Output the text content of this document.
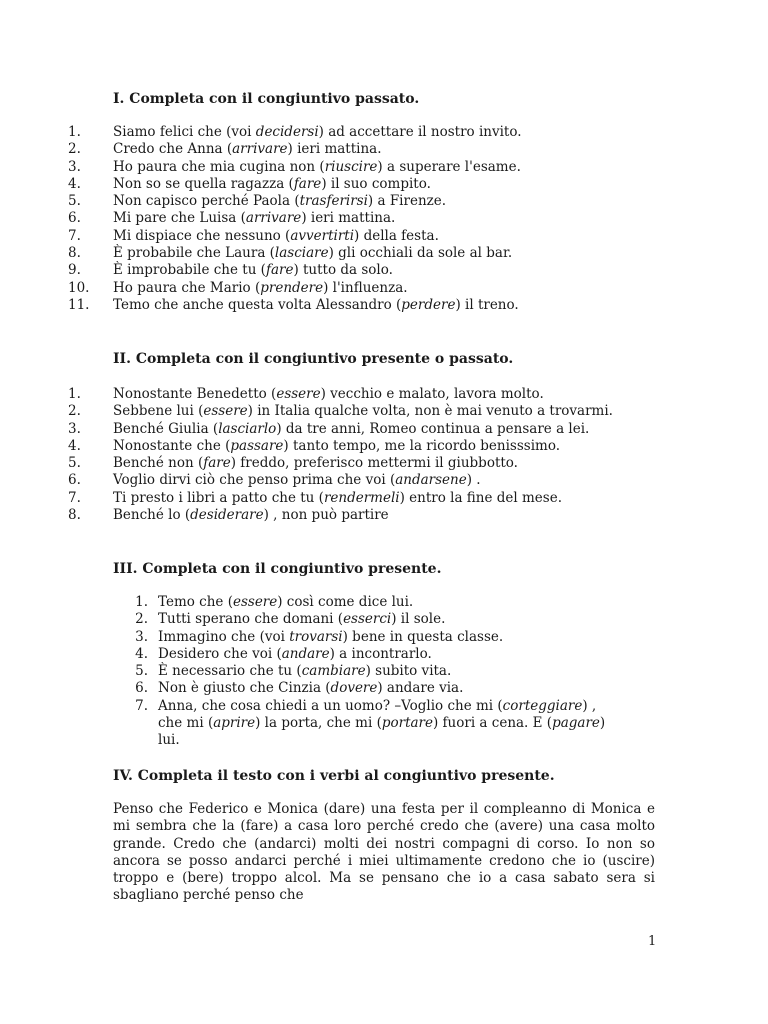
I. Completa con il congiuntivo passato.
1. Siamo felici che (voi decidersi) ad accettare il nostro invito.
2. Credo che Anna (arrivare) ieri mattina.
3. Ho paura che mia cugina non (riuscire) a superare l'esame.
4. Non so se quella ragazza (fare) il suo compito.
5. Non capisco perché Paola (trasferirsi) a Firenze.
6. Mi pare che Luisa (arrivare) ieri mattina.
7. Mi dispiace che nessuno (avvertirti) della festa.
8. È probabile che Laura (lasciare) gli occhiali da sole al bar.
9. È improbabile che tu (fare) tutto da solo.
10. Ho paura che Mario (prendere) l'influenza.
11. Temo che anche questa volta Alessandro (perdere) il treno.
II. Completa con il congiuntivo presente o passato.
1. Nonostante Benedetto (essere) vecchio e malato, lavora molto.
2. Sebbene lui (essere) in Italia qualche volta, non è mai venuto a trovarmi.
3. Benché Giulia (lasciarlo) da tre anni, Romeo continua a pensare a lei.
4. Nonostante che (passare) tanto tempo, me la ricordo benisssimo.
5. Benché non (fare) freddo, preferisco mettermi il giubbotto.
6. Voglio dirvi ciò che penso prima che voi (andarsene) .
7. Ti presto i libri a patto che tu (rendermeli) entro la fine del mese.
8. Benché lo (desiderare) , non può partire
III. Completa con il congiuntivo presente.
1. Temo che (essere) così come dice lui.
2. Tutti sperano che domani (esserci) il sole.
3. Immagino che (voi trovarsi) bene in questa classe.
4. Desidero che voi (andare) a incontrarlo.
5. È necessario che tu (cambiare) subito vita.
6. Non è giusto che Cinzia (dovere) andare via.
7. Anna, che cosa chiedi a un uomo? –Voglio che mi (corteggiare) , che mi (aprire) la porta, che mi (portare) fuori a cena. E (pagare) lui.
IV. Completa il testo con i verbi al congiuntivo presente.

Penso che Federico e Monica (dare) una festa per il compleanno di Monica e mi sembra che la (fare) a casa loro perché credo che (avere) una casa molto grande. Credo che (andarci) molti dei nostri compagni di corso. Io non so ancora se posso andarci perché i miei ultimamente credono che io (uscire) troppo e (bere) troppo alcol. Ma se pensano che io a casa sabato sera si sbagliano perché penso che

1
